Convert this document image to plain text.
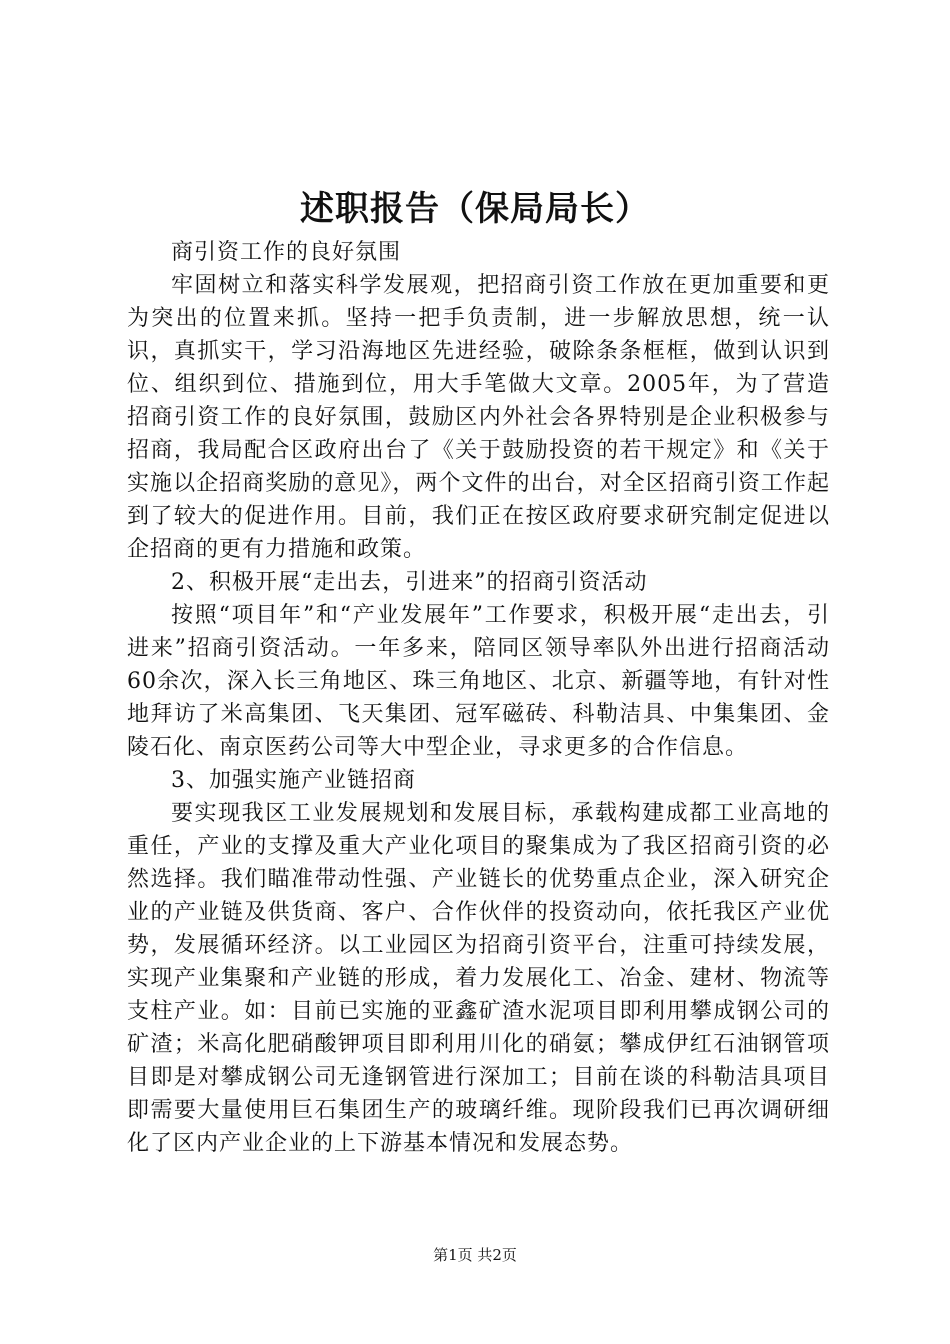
述职报告（保局局长）

商引资工作的良好氛围

牢固树立和落实科学发展观，把招商引资工作放在更加重要和更为突出的位置来抓。坚持一把手负责制，进一步解放思想，统一认识，真抓实干，学习沿海地区先进经验，破除条条框框，做到认识到位、组织到位、措施到位，用大手笔做大文章。2005年，为了营造招商引资工作的良好氛围，鼓励区内外社会各界特别是企业积极参与招商，我局配合区政府出台了《关于鼓励投资的若干规定》和《关于实施以企招商奖励的意见》，两个文件的出台，对全区招商引资工作起到了较大的促进作用。目前，我们正在按区政府要求研究制定促进以企招商的更有力措施和政策。

2、积极开展“走出去，引进来”的招商引资活动

按照“项目年”和“产业发展年”工作要求，积极开展“走出去，引进来”招商引资活动。一年多来，陪同区领导率队外出进行招商活动60余次，深入长三角地区、珠三角地区、北京、新疆等地，有针对性地拜访了米高集团、飞天集团、冠军磁砖、科勒洁具、中集集团、金陵石化、南京医药公司等大中型企业，寻求更多的合作信息。

3、加强实施产业链招商

要实现我区工业发展规划和发展目标，承载构建成都工业高地的重任，产业的支撑及重大产业化项目的聚集成为了我区招商引资的必然选择。我们瞄准带动性强、产业链长的优势重点企业，深入研究企业的产业链及供货商、客户、合作伙伴的投资动向，依托我区产业优势，发展循环经济。以工业园区为招商引资平台，注重可持续发展，实现产业集聚和产业链的形成，着力发展化工、冶金、建材、物流等支柱产业。如：目前已实施的亚鑫矿渣水泥项目即利用攀成钢公司的矿渣；米高化肥硝酸钾项目即利用川化的硝氨；攀成伊红石油钢管项目即是对攀成钢公司无逢钢管进行深加工；目前在谈的科勒洁具项目即需要大量使用巨石集团生产的玻璃纤维。现阶段我们已再次调研细化了区内产业企业的上下游基本情况和发展态势。

第1页 共2页
